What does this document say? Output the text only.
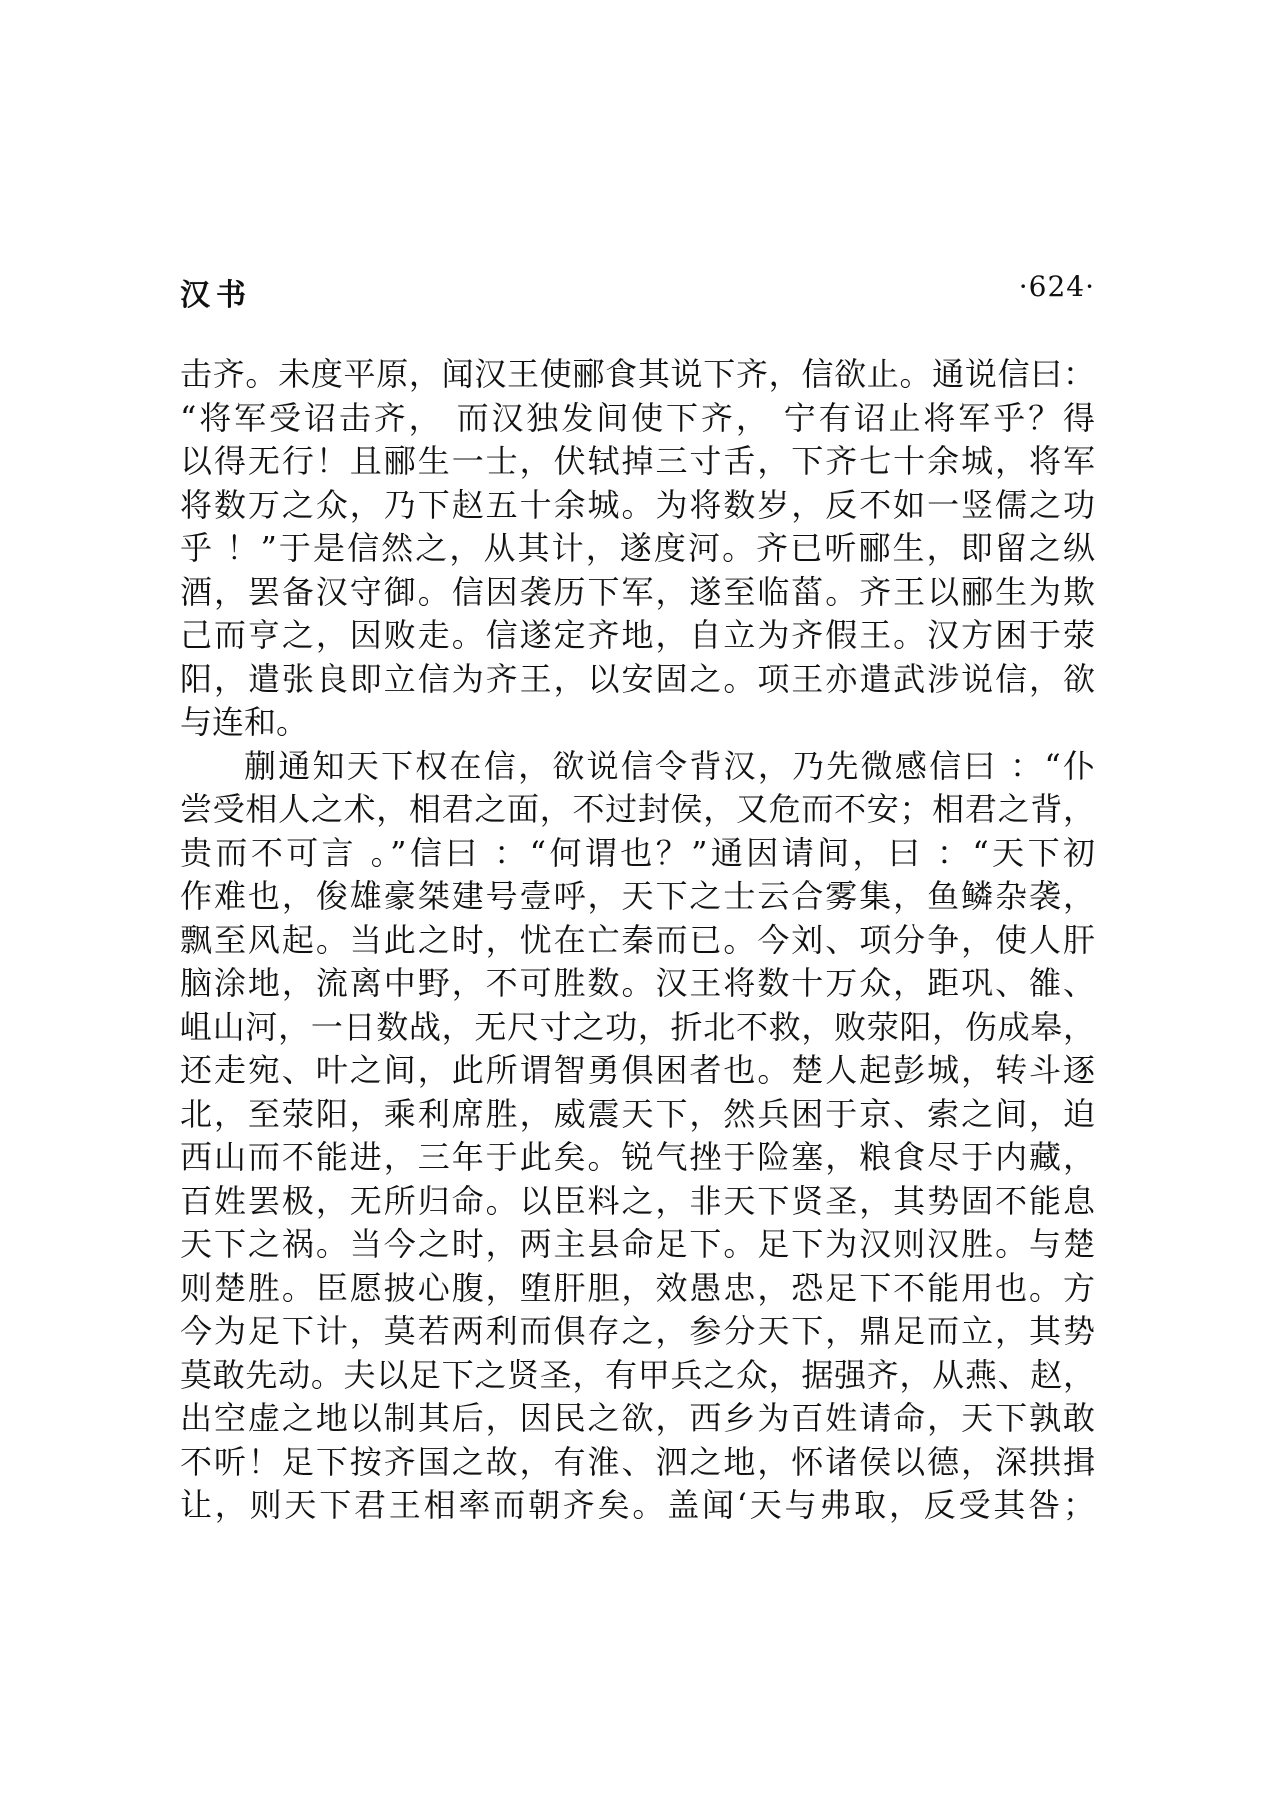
汉书	·624·
击齐。未度平原，闻汉王使郦食其说下齐，信欲止。通说信曰：
“将军受诏击齐， 而汉独发间使下齐， 宁有诏止将军乎？得
以得无行！且郦生一士，伏轼掉三寸舌，下齐七十余城，将军
将数万之众，乃下赵五十余城。为将数岁，反不如一竖儒之功
乎 ！”于是信然之，从其计，遂度河。齐已听郦生，即留之纵
酒，罢备汉守御。信因袭历下军，遂至临菑。齐王以郦生为欺
己而亨之，因败走。信遂定齐地，自立为齐假王。汉方困于荥
阳，遣张良即立信为齐王，以安固之。项王亦遣武涉说信，欲
与连和。
蒯通知天下权在信，欲说信令背汉，乃先微感信曰 ：“仆
尝受相人之术，相君之面，不过封侯，又危而不安；相君之背，
贵而不可言 。”信曰 ：“何谓也？”通因请间，曰 ：“天下初
作难也，俊雄豪桀建号壹呼，天下之士云合雾集，鱼鳞杂袭，
飘至风起。当此之时，忧在亡秦而已。今刘、项分争，使人肝
脑涂地，流离中野，不可胜数。汉王将数十万众，距巩、雒、
岨山河，一日数战，无尺寸之功，折北不救，败荥阳，伤成皋，
还走宛、叶之间，此所谓智勇俱困者也。楚人起彭城，转斗逐
北，至荥阳，乘利席胜，威震天下，然兵困于京、索之间，迫
西山而不能进，三年于此矣。锐气挫于险塞，粮食尽于内藏，
百姓罢极，无所归命。以臣料之，非天下贤圣，其势固不能息
天下之祸。当今之时，两主县命足下。足下为汉则汉胜。与楚
则楚胜。臣愿披心腹，堕肝胆，效愚忠，恐足下不能用也。方
今为足下计，莫若两利而俱存之，参分天下，鼎足而立，其势
莫敢先动。夫以足下之贤圣，有甲兵之众，据强齐，从燕、赵，
出空虚之地以制其后，因民之欲，西乡为百姓请命，天下孰敢
不听！足下按齐国之故，有淮、泗之地，怀诸侯以德，深拱揖
让，则天下君王相率而朝齐矣。盖闻‘天与弗取，反受其咎；
